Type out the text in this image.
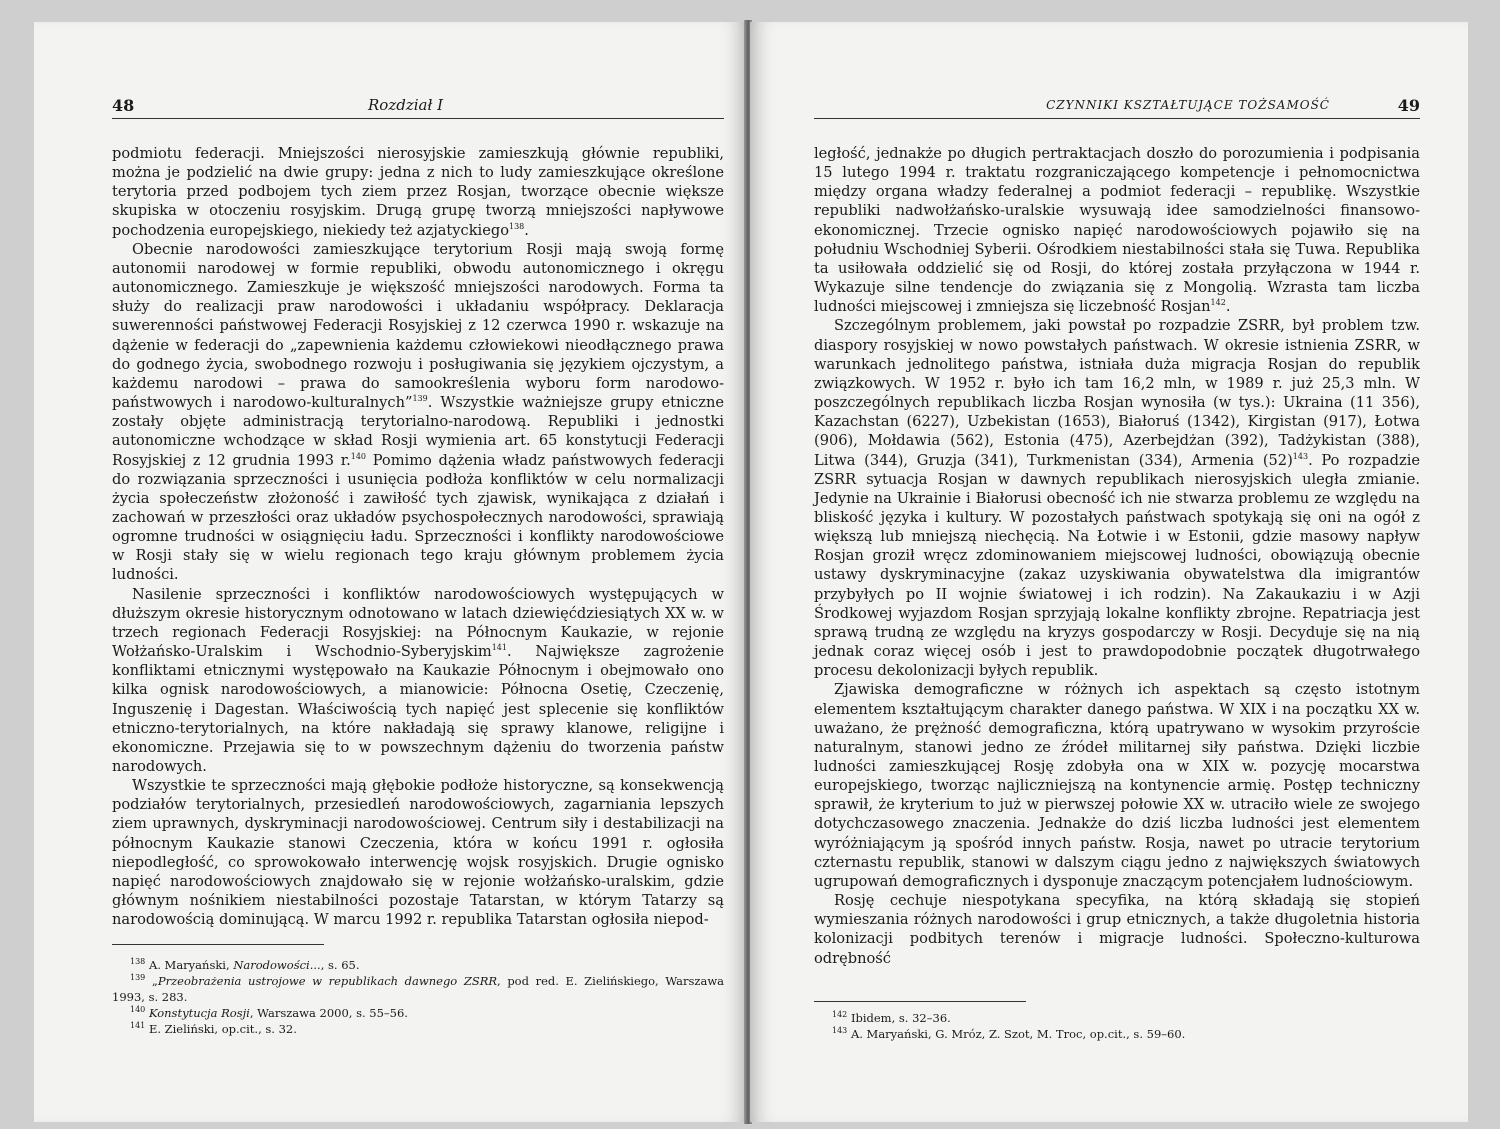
48	Rozdział I

podmiotu federacji. Mniejszości nierosyjskie zamieszkują głównie republiki, można je podzielić na dwie grupy: jedna z nich to ludy zamieszkujące określone terytoria przed podbojem tych ziem przez Rosjan, tworzące obecnie większe skupiska w otoczeniu rosyjskim. Drugą grupę tworzą mniejszości napływowe pochodzenia europejskiego, niekiedy też azjatyckiego$^{138}$.

Obecnie narodowości zamieszkujące terytorium Rosji mają swoją formę autonomii narodowej w formie republiki, obwodu autonomicznego i okręgu autonomicznego. Zamieszkuje je większość mniejszości narodowych. Forma ta służy do realizacji praw narodowości i układaniu współpracy. Deklaracja suwerenności państwowej Federacji Rosyjskiej z 12 czerwca 1990 r. wskazuje na dążenie w federacji do „zapewnienia każdemu człowiekowi nieodłącznego prawa do godnego życia, swobodnego rozwoju i posługiwania się językiem ojczystym, a każdemu narodowi – prawa do samookreślenia wyboru form narodowo-państwowych i narodowo-kulturalnych”$^{139}$. Wszystkie ważniejsze grupy etniczne zostały objęte administracją terytorialno-narodową. Republiki i jednostki autonomiczne wchodzące w skład Rosji wymienia art. 65 konstytucji Federacji Rosyjskiej z 12 grudnia 1993 r.$^{140}$ Pomimo dążenia władz państwowych federacji do rozwiązania sprzeczności i usunięcia podłoża konfliktów w celu normalizacji życia społeczeństw złożoność i zawiłość tych zjawisk, wynikająca z działań i zachowań w przeszłości oraz układów psychospołecznych narodowości, sprawiają ogromne trudności w osiągnięciu ładu. Sprzeczności i konflikty narodowościowe w Rosji stały się w wielu regionach tego kraju głównym problemem życia ludności.

Nasilenie sprzeczności i konfliktów narodowościowych występujących w dłuższym okresie historycznym odnotowano w latach dziewięćdziesiątych XX w. w trzech regionach Federacji Rosyjskiej: na Północnym Kaukazie, w rejonie Wołżańsko-Uralskim i Wschodnio-Syberyjskim$^{141}$. Największe zagrożenie konfliktami etnicznymi występowało na Kaukazie Północnym i obejmowało ono kilka ognisk narodowościowych, a mianowicie: Północna Osetię, Czeczenię, Inguszenię i Dagestan. Właściwością tych napięć jest splecenie się konfliktów etniczno-terytorialnych, na które nakładają się sprawy klanowe, religijne i ekonomiczne. Przejawia się to w powszechnym dążeniu do tworzenia państw narodowych.

Wszystkie te sprzeczności mają głębokie podłoże historyczne, są konsekwencją podziałów terytorialnych, przesiedleń narodowościowych, zagarniania lepszych ziem uprawnych, dyskryminacji narodowościowej. Centrum siły i destabilizacji na północnym Kaukazie stanowi Czeczenia, która w końcu 1991 r. ogłosiła niepodległość, co sprowokowało interwencję wojsk rosyjskich. Drugie ognisko napięć narodowościowych znajdowało się w rejonie wołżańsko-uralskim, gdzie głównym nośnikiem niestabilności pozostaje Tatarstan, w którym Tatarzy są narodowością dominującą. W marcu 1992 r. republika Tatarstan ogłosiła niepod-

$^{138}$ A. Maryański, Narodowości..., s. 65.

$^{139}$ „Przeobrażenia ustrojowe w republikach dawnego ZSRR, pod red. E. Zielińskiego, Warszawa 1993, s. 283.

$^{140}$ Konstytucja Rosji, Warszawa 2000, s. 55–56.

$^{141}$ E. Zieliński, op.cit., s. 32.

CZYNNIKI KSZTAŁTUJĄCE TOŻSAMOŚĆ	49

ległość, jednakże po długich pertraktacjach doszło do porozumienia i podpisania 15 lutego 1994 r. traktatu rozgraniczającego kompetencje i pełnomocnictwa między organa władzy federalnej a podmiot federacji – republikę. Wszystkie republiki nadwołżańsko-uralskie wysuwają idee samodzielności finansowo-ekonomicznej. Trzecie ognisko napięć narodowościowych pojawiło się na południu Wschodniej Syberii. Ośrodkiem niestabilności stała się Tuwa. Republika ta usiłowała oddzielić się od Rosji, do której została przyłączona w 1944 r. Wykazuje silne tendencje do związania się z Mongolią. Wzrasta tam liczba ludności miejscowej i zmniejsza się liczebność Rosjan$^{142}$.

Szczególnym problemem, jaki powstał po rozpadzie ZSRR, był problem tzw. diaspory rosyjskiej w nowo powstałych państwach. W okresie istnienia ZSRR, w warunkach jednolitego państwa, istniała duża migracja Rosjan do republik związkowych. W 1952 r. było ich tam 16,2 mln, w 1989 r. już 25,3 mln. W poszczególnych republikach liczba Rosjan wynosiła (w tys.): Ukraina (11 356), Kazachstan (6227), Uzbekistan (1653), Białoruś (1342), Kirgistan (917), Łotwa (906), Mołdawia (562), Estonia (475), Azerbejdżan (392), Tadżykistan (388), Litwa (344), Gruzja (341), Turkmenistan (334), Armenia $(52)^{143}$. Po rozpadzie ZSRR sytuacja Rosjan w dawnych republikach nierosyjskich uległa zmianie. Jedynie na Ukrainie i Białorusi obecność ich nie stwarza problemu ze względu na bliskość języka i kultury. W pozostałych państwach spotykają się oni na ogół z większą lub mniejszą niechęcią. Na Łotwie i w Estonii, gdzie masowy napływ Rosjan groził wręcz zdominowaniem miejscowej ludności, obowiązują obecnie ustawy dyskryminacyjne (zakaz uzyskiwania obywatelstwa dla imigrantów przybyłych po II wojnie światowej i ich rodzin). Na Zakaukaziu i w Azji Środkowej wyjazdom Rosjan sprzyjają lokalne konflikty zbrojne. Repatriacja jest sprawą trudną ze względu na kryzys gospodarczy w Rosji. Decyduje się na nią jednak coraz więcej osób i jest to prawdopodobnie początek długotrwałego procesu dekolonizacji byłych republik.

Zjawiska demograficzne w różnych ich aspektach są często istotnym elementem kształtującym charakter danego państwa. W XIX i na początku XX w. uważano, że prężność demograficzna, którą upatrywano w wysokim przyroście naturalnym, stanowi jedno ze źródeł militarnej siły państwa. Dzięki liczbie ludności zamieszkującej Rosję zdobyła ona w XIX w. pozycję mocarstwa europejskiego, tworząc najliczniejszą na kontynencie armię. Postęp techniczny sprawił, że kryterium to już w pierwszej połowie XX w. utraciło wiele ze swojego dotychczasowego znaczenia. Jednakże do dziś liczba ludności jest elementem wyróżniającym ją spośród innych państw. Rosja, nawet po utracie terytorium czternastu republik, stanowi w dalszym ciągu jedno z największych światowych ugrupowań demograficznych i dysponuje znaczącym potencjałem ludnościowym.

Rosję cechuje niespotykana specyfika, na którą składają się stopień wymieszania różnych narodowości i grup etnicznych, a także długoletnia historia kolonizacji podbitych terenów i migracje ludności. Społeczno-kulturowa odrębność

$^{142}$ Ibidem, s. 32–36.

$^{143}$ A. Maryański, G. Mróz, Z. Szot, M. Troc, op.cit., s. 59–60.
